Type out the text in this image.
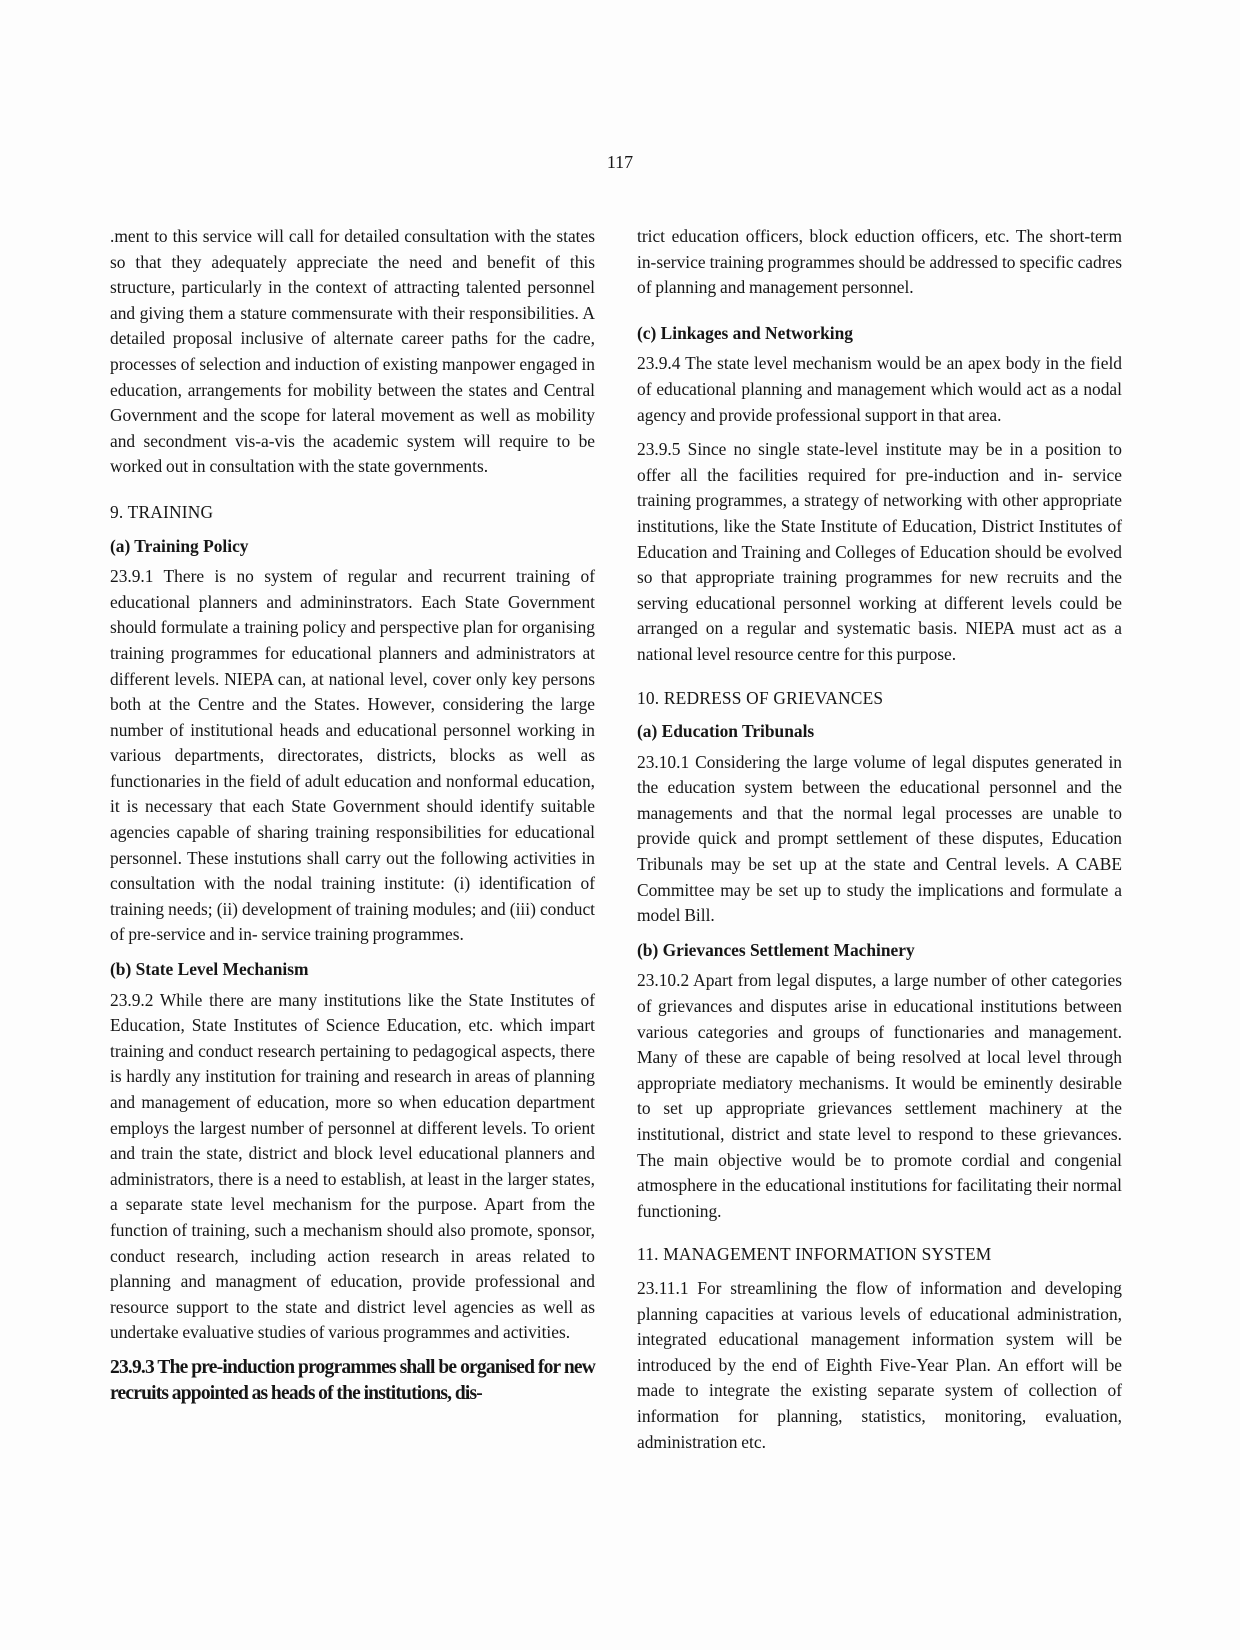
117

.ment to this service will call for detailed consultation with the states so that they adequately appreciate the need and benefit of this structure, particularly in the context of attracting talented personnel and giving them a stature commensurate with their responsibilities. A detailed proposal inclusive of alternate career paths for the cadre, processes of selection and induction of existing manpower engaged in education, arrangements for mobility between the states and Central Government and the scope for lateral movement as well as mobility and secondment vis-a-vis the academic system will require to be worked out in consultation with the state governments.

9. TRAINING
(a) Training Policy

23.9.1 There is no system of regular and recurrent training of educational planners and admininstrators. Each State Government should formulate a training policy and perspective plan for organising training programmes for educational planners and administrators at different levels. NIEPA can, at national level, cover only key persons both at the Centre and the States. However, considering the large number of institutional heads and educational personnel working in various departments, directorates, districts, blocks as well as functionaries in the field of adult education and nonformal education, it is necessary that each State Government should identify suitable agencies capable of sharing training responsibilities for educational personnel. These instutions shall carry out the following activities in consultation with the nodal training institute: (i) identification of training needs; (ii) development of training modules; and (iii) conduct of pre-service and in- service training programmes.

(b) State Level Mechanism

23.9.2 While there are many institutions like the State Institutes of Education, State Institutes of Science Education, etc. which impart training and conduct research pertaining to pedagogical aspects, there is hardly any institution for training and research in areas of planning and management of education, more so when education department employs the largest number of personnel at different levels. To orient and train the state, district and block level educational planners and administrators, there is a need to establish, at least in the larger states, a separate state level mechanism for the purpose. Apart from the function of training, such a mechanism should also promote, sponsor, conduct research, including action research in areas related to planning and managment of education, provide professional and resource support to the state and district level agencies as well as undertake evaluative studies of various programmes and activities.

23.9.3 The pre-induction programmes shall be organised for new recruits appointed as heads of the institutions, dis-

trict education officers, block eduction officers, etc. The short-term in-service training programmes should be addressed to specific cadres of planning and management personnel.

(c) Linkages and Networking

23.9.4 The state level mechanism would be an apex body in the field of educational planning and management which would act as a nodal agency and provide professional support in that area.

23.9.5 Since no single state-level institute may be in a position to offer all the facilities required for pre-induction and in- service training programmes, a strategy of networking with other appropriate institutions, like the State Institute of Education, District Institutes of Education and Training and Colleges of Education should be evolved so that appropriate training programmes for new recruits and the serving educational personnel working at different levels could be arranged on a regular and systematic basis. NIEPA must act as a national level resource centre for this purpose.

10. REDRESS OF GRIEVANCES
(a) Education Tribunals

23.10.1 Considering the large volume of legal disputes generated in the education system between the educational personnel and the managements and that the normal legal processes are unable to provide quick and prompt settlement of these disputes, Education Tribunals may be set up at the state and Central levels. A CABE Committee may be set up to study the implications and formulate a model Bill.

(b) Grievances Settlement Machinery

23.10.2 Apart from legal disputes, a large number of other categories of grievances and disputes arise in educational institutions between various categories and groups of functionaries and management. Many of these are capable of being resolved at local level through appropriate mediatory mechanisms. It would be eminently desirable to set up appropriate grievances settlement machinery at the institutional, district and state level to respond to these grievances. The main objective would be to promote cordial and congenial atmosphere in the educational institutions for facilitating their normal functioning.

11. MANAGEMENT INFORMATION SYSTEM

23.11.1 For streamlining the flow of information and developing planning capacities at various levels of educational administration, integrated educational management information system will be introduced by the end of Eighth Five-Year Plan. An effort will be made to integrate the existing separate system of collection of information for planning, statistics, monitoring, evaluation, administration etc.
